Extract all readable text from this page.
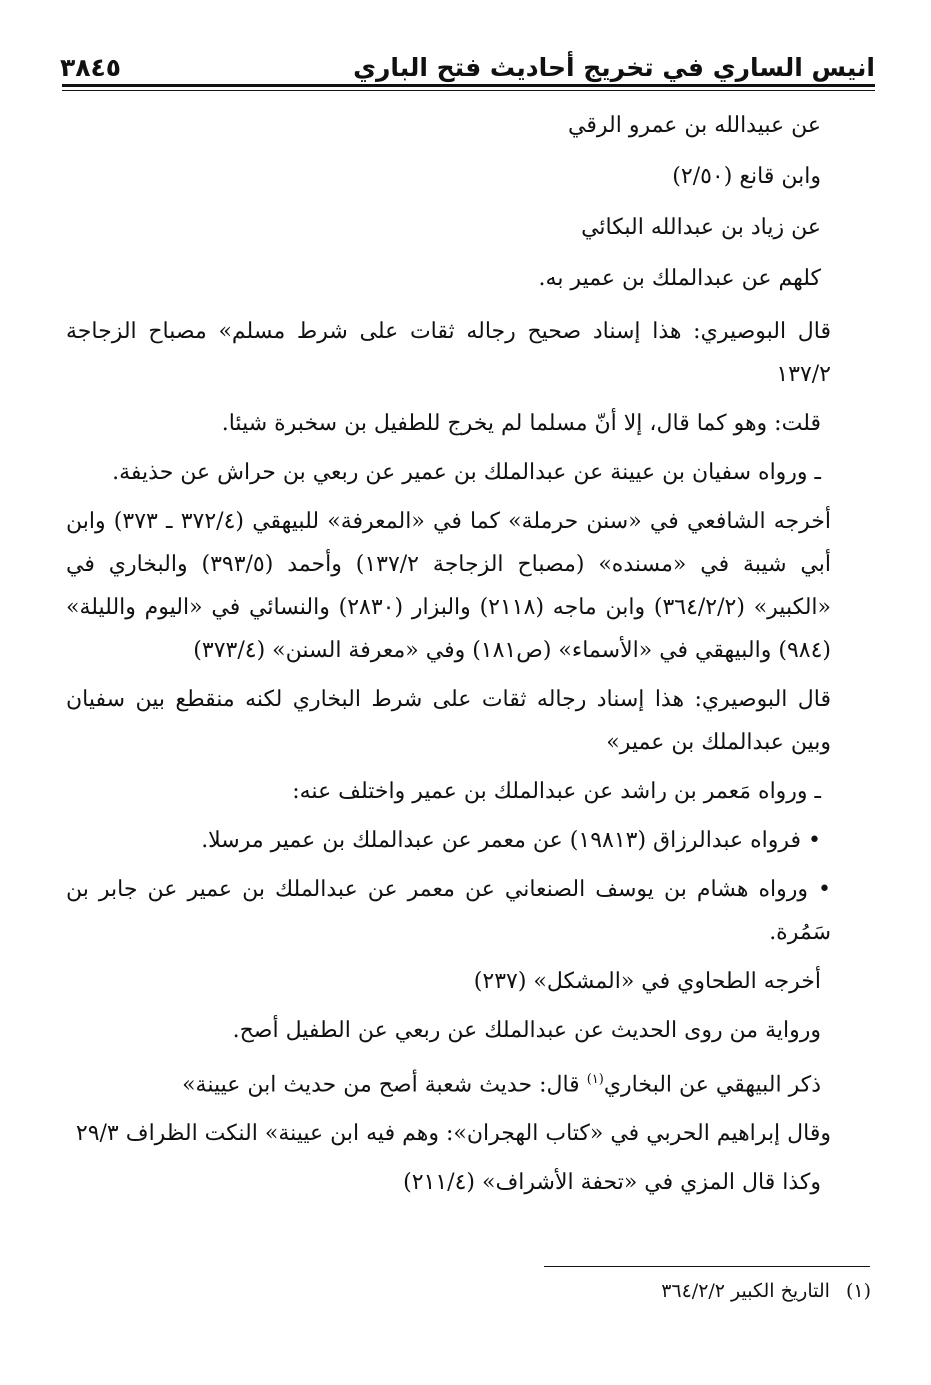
انيس الساري في تخريج أحاديث فتح الباري
٣٨٤٥
عن عبيدالله بن عمرو الرقي
وابن قانع (٢/٥٠)
عن زياد بن عبدالله البكائي
كلهم عن عبدالملك بن عمير به.
قال البوصيري: هذا إسناد صحيح رجاله ثقات على شرط مسلم» مصباح الزجاجة ١٣٧/٢
قلت: وهو كما قال، إلا أنّ مسلما لم يخرج للطفيل بن سخبرة شيئا.
ـ ورواه سفيان بن عيينة عن عبدالملك بن عمير عن ربعي بن حراش عن حذيفة.
أخرجه الشافعي في «سنن حرملة» كما في «المعرفة» للبيهقي (٣٧٢/٤ ـ ٣٧٣) وابن أبي شيبة في «مسنده» (مصباح الزجاجة ١٣٧/٢) وأحمد (٣٩٣/٥) والبخاري في «الكبير» (٣٦٤/٢/٢) وابن ماجه (٢١١٨) والبزار (٢٨٣٠) والنسائي في «اليوم والليلة» (٩٨٤) والبيهقي في «الأسماء» (ص١٨١) وفي «معرفة السنن» (٣٧٣/٤)
قال البوصيري: هذا إسناد رجاله ثقات على شرط البخاري لكنه منقطع بين سفيان وبين عبدالملك بن عمير»
ـ ورواه مَعمر بن راشد عن عبدالملك بن عمير واختلف عنه:
• فرواه عبدالرزاق (١٩٨١٣) عن معمر عن عبدالملك بن عمير مرسلا.
• ورواه هشام بن يوسف الصنعاني عن معمر عن عبدالملك بن عمير عن جابر بن سَمُرة.
أخرجه الطحاوي في «المشكل» (٢٣٧)
ورواية من روى الحديث عن عبدالملك عن ربعي عن الطفيل أصح.
ذكر البيهقي عن البخاري$^{(١)}$ قال: حديث شعبة أصح من حديث ابن عيينة»
وقال إبراهيم الحربي في «كتاب الهجران»: وهم فيه ابن عيينة» النكت الظراف ٢٩/٣
وكذا قال المزي في «تحفة الأشراف» (٢١١/٤)
(١)التاريخ الكبير ٣٦٤/٢/٢
